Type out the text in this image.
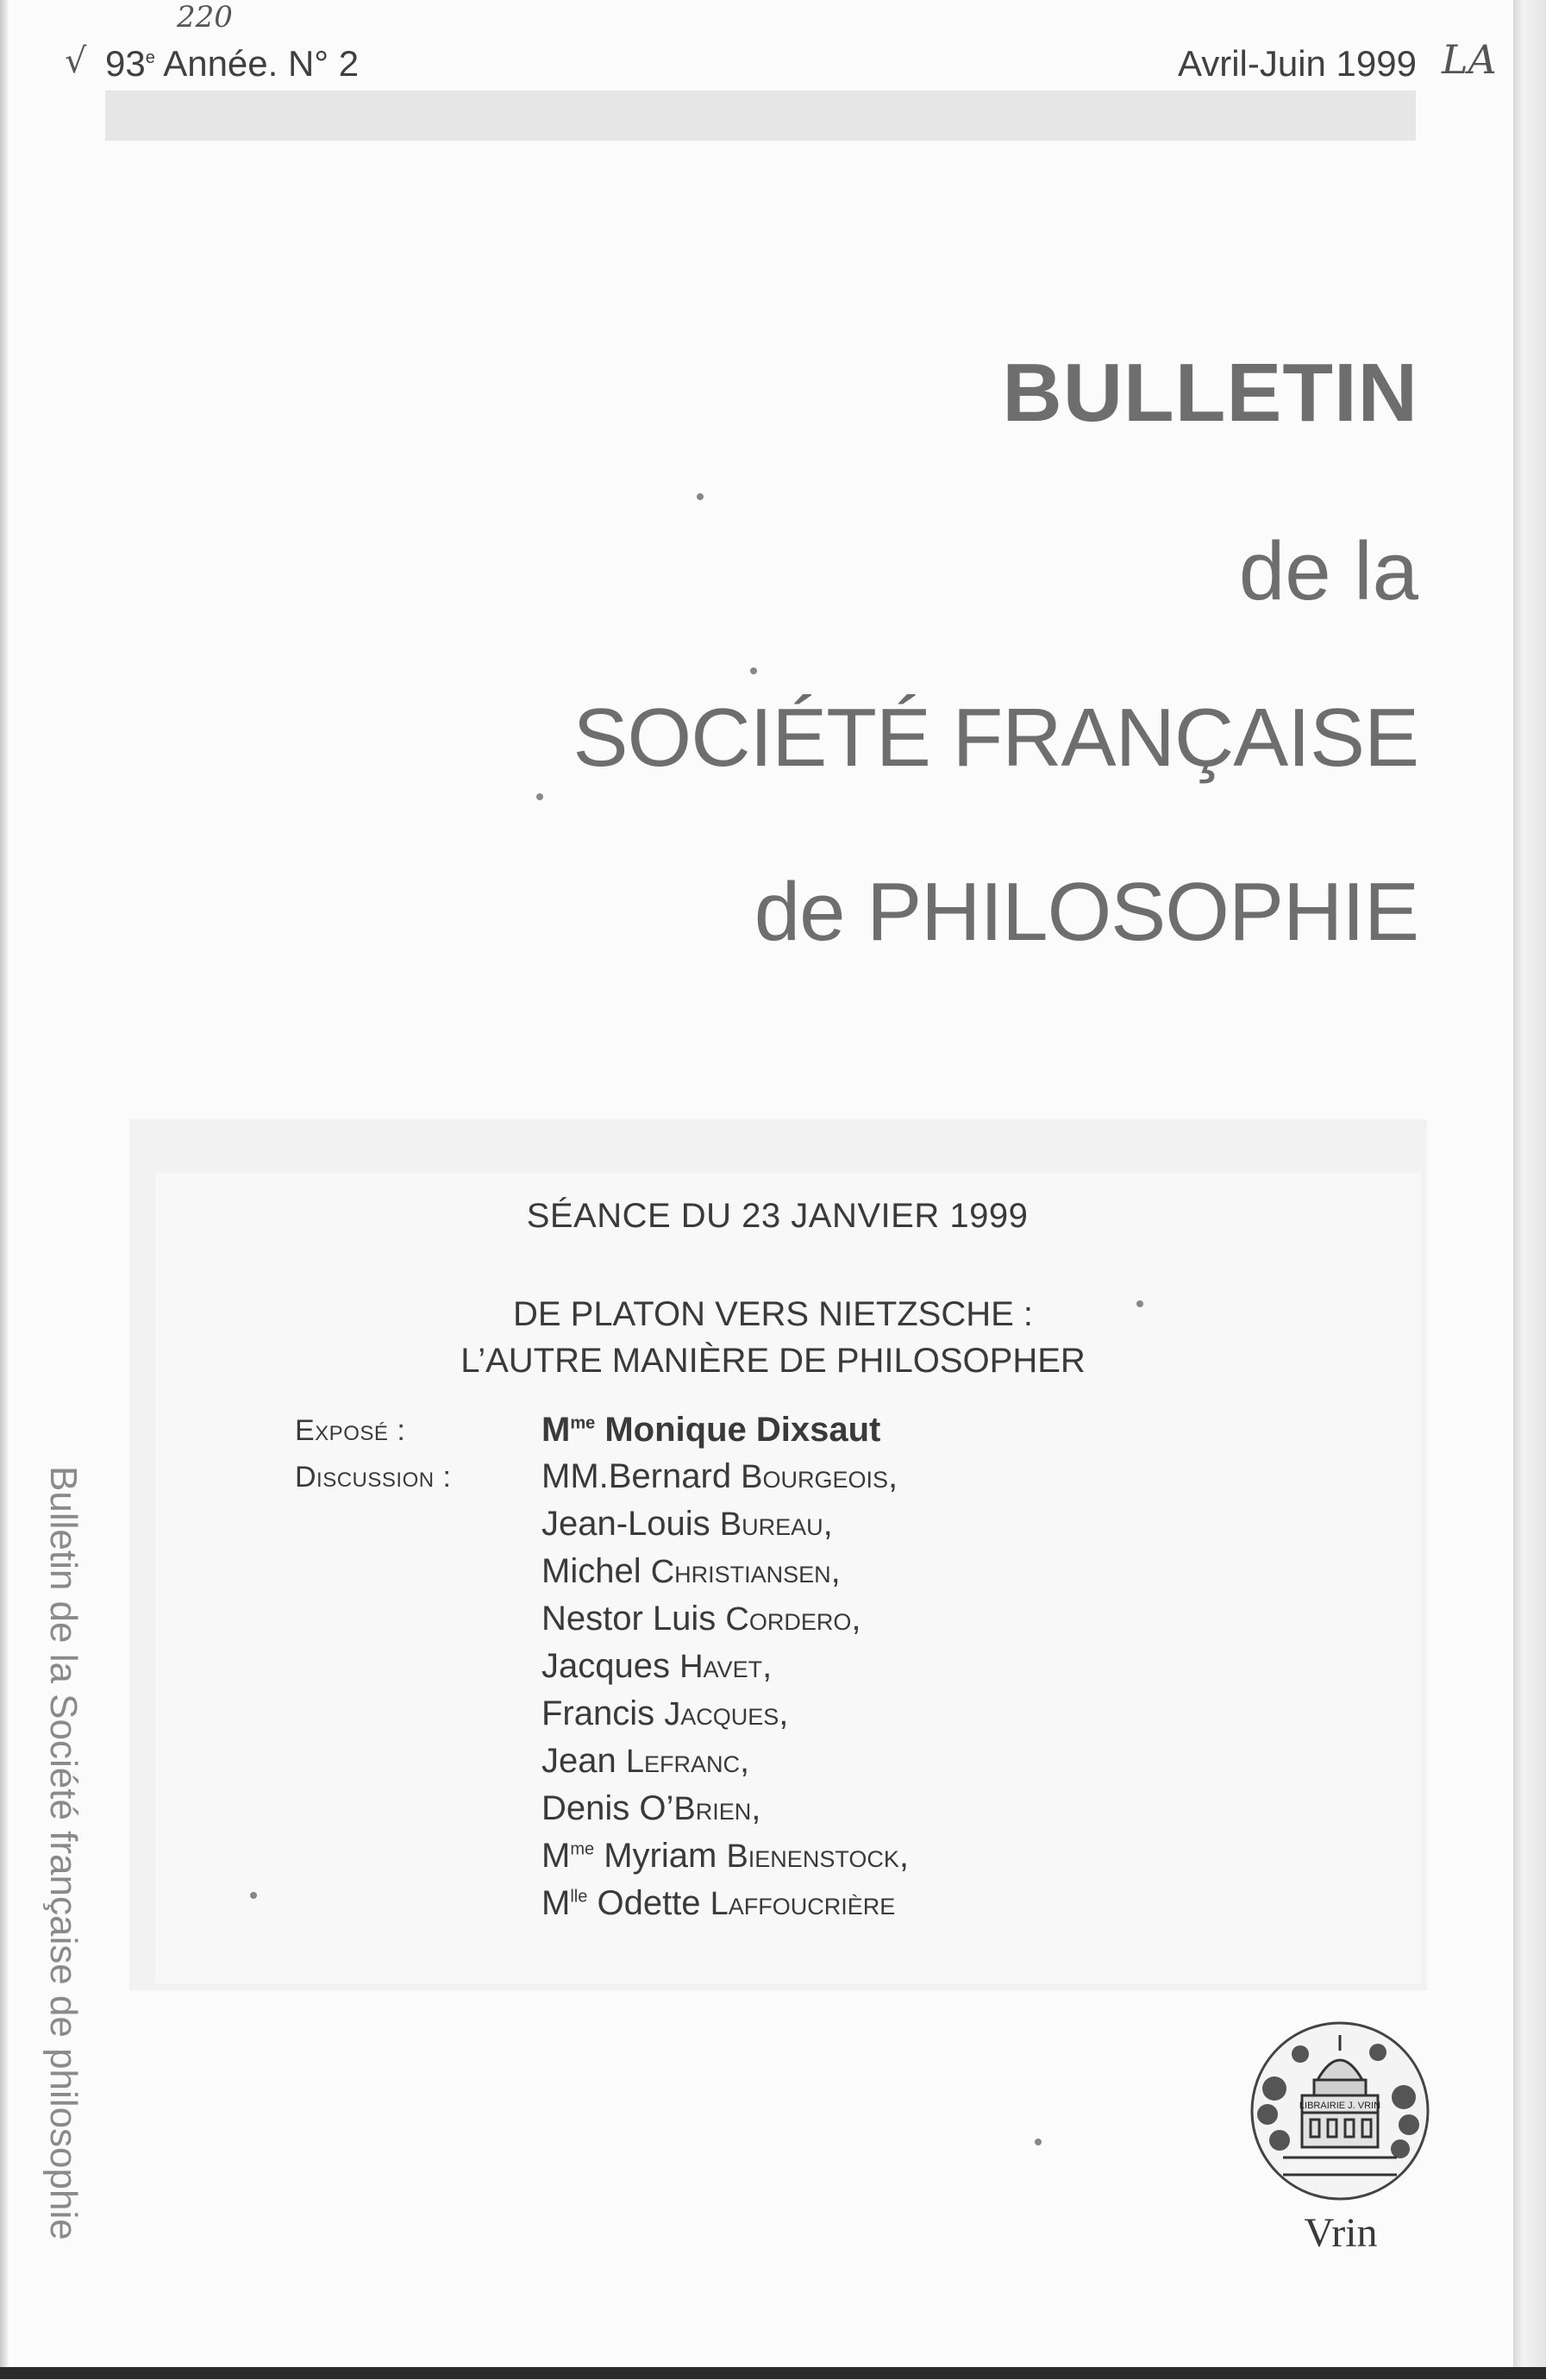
220
√ 93e Année. N° 2	Avril-Juin 1999 LA
BULLETIN
de la
SOCIÉTÉ FRANÇAISE
de PHILOSOPHIE
SÉANCE DU 23 JANVIER 1999
DE PLATON VERS NIETZSCHE :
L’AUTRE MANIÈRE DE PHILOSOPHER
Exposé :
Discussion :
$M^{me}$ Monique Dixsaut
MM.Bernard Bourgeois,
Jean-Louis Bureau,
Michel Christiansen,
Nestor Luis Cordero,
Jacques Havet,
Francis Jacques,
Jean Lefranc,
Denis O’Brien,
$M^{me}$ Myriam Bienenstock,
$M^{lle}$ Odette Laffoucrière
Bulletin de la Société française de philosophie	LIBRAIRIE J. VRIN
Vrin
